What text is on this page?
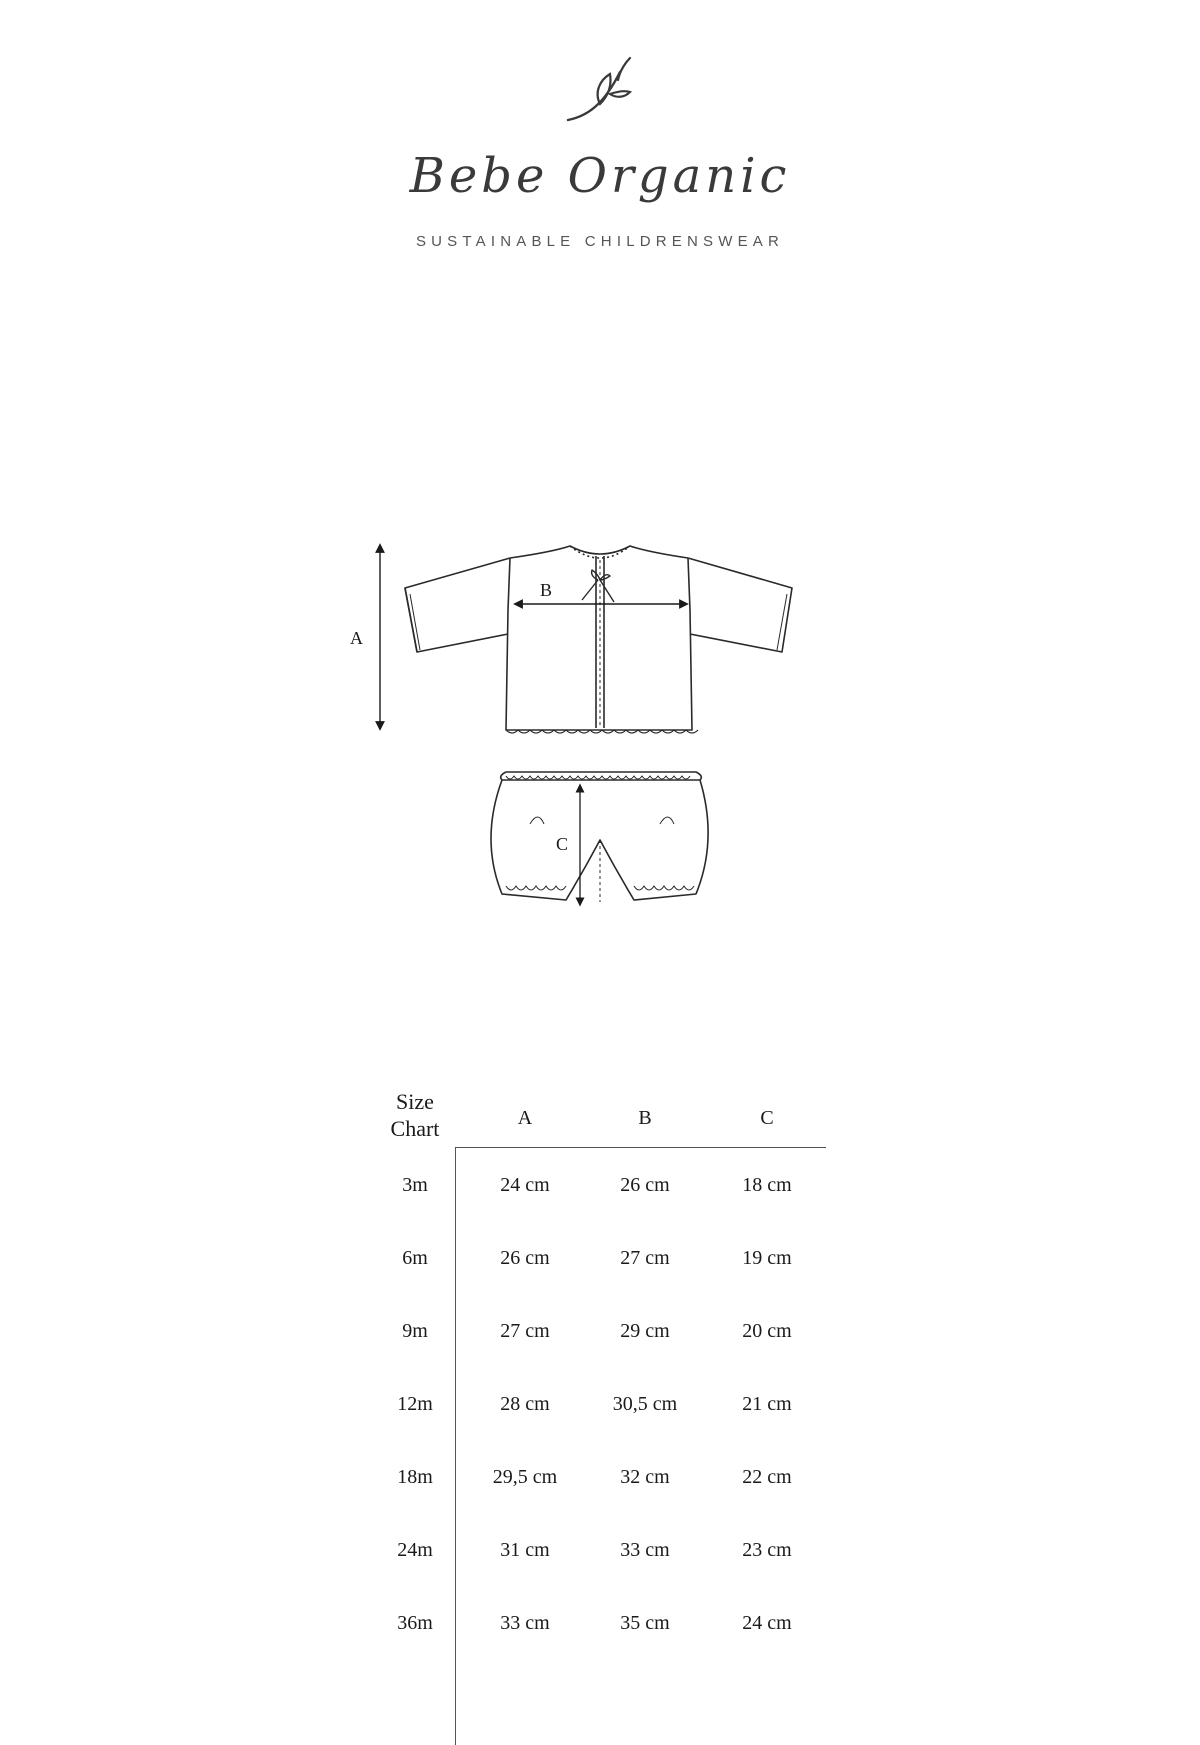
Bebe Organic
SUSTAINABLE CHILDRENSWEAR
A
B
C
Size
Chart	A	B	C
3m	24 cm	26 cm	18 cm
6m	26 cm	27 cm	19 cm
9m	27 cm	29 cm	20 cm
12m	28 cm	30,5 cm	21 cm
18m	29,5 cm	32 cm	22 cm
24m	31 cm	33 cm	23 cm
36m	33 cm	35 cm	24 cm
